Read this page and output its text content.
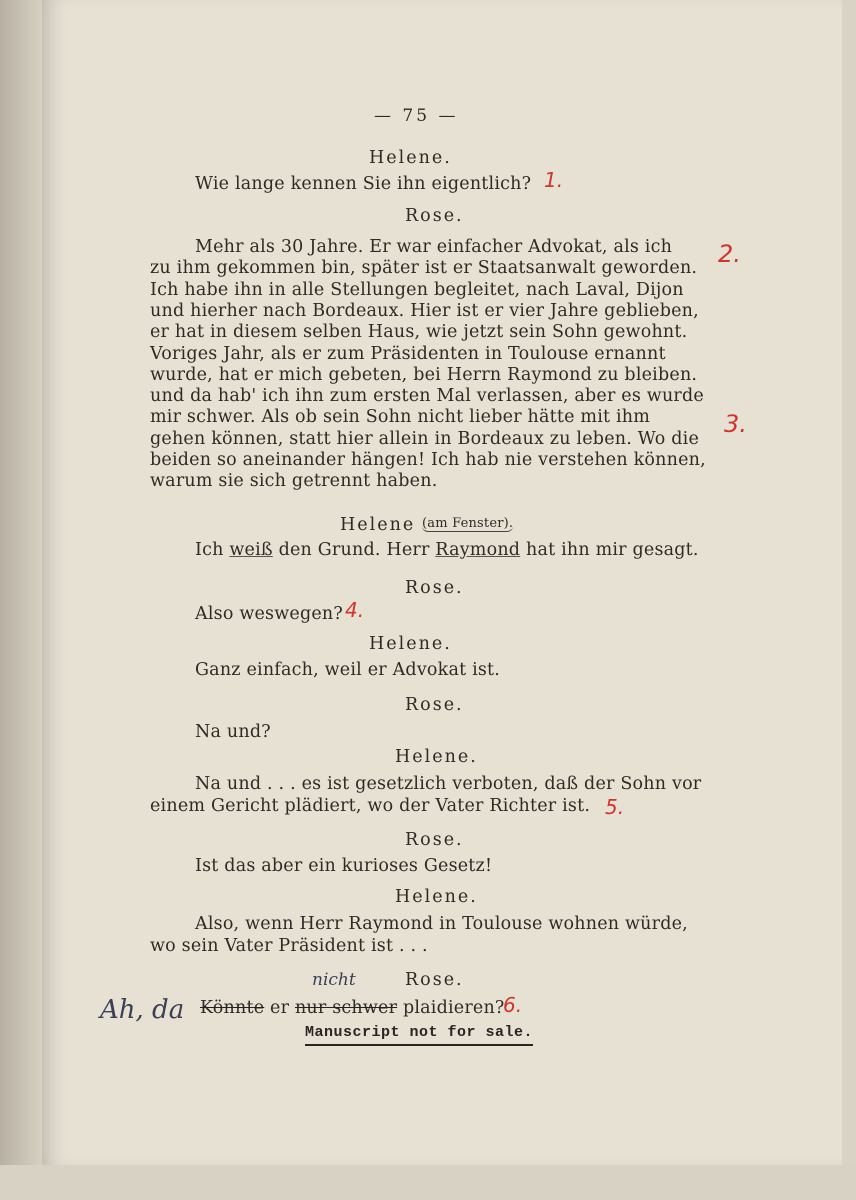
— 75 —
Helene.
Wie lange kennen Sie ihn eigentlich? 1.
Rose.
Mehr als 30 Jahre. Er war einfacher Advokat, als ich
zu ihm gekommen bin, später ist er Staatsanwalt geworden.
Ich habe ihn in alle Stellungen begleitet, nach Laval, Dijon
und hierher nach Bordeaux. Hier ist er vier Jahre geblieben,
er hat in diesem selben Haus, wie jetzt sein Sohn gewohnt.
Voriges Jahr, als er zum Präsidenten in Toulouse ernannt
wurde, hat er mich gebeten, bei Herrn Raymond zu bleiben.
und da hab' ich ihn zum ersten Mal verlassen, aber es wurde
mir schwer. Als ob sein Sohn nicht lieber hätte mit ihm
gehen können, statt hier allein in Bordeaux zu leben. Wo die
beiden so aneinander hängen! Ich hab nie verstehen können,
warum sie sich getrennt haben.
2.
3.
Helene (am Fenster).
Ich weiß den Grund. Herr Raymond hat ihn mir gesagt.
Rose.
Also weswegen? 4.
Helene.
Ganz einfach, weil er Advokat ist.
Rose.
Na und?
Helene.
Na und . . . es ist gesetzlich verboten, daß der Sohn vor
einem Gericht plädiert, wo der Vater Richter ist. 5.
Rose.
Ist das aber ein kurioses Gesetz!
Helene.
Also, wenn Herr Raymond in Toulouse wohnen würde,
wo sein Vater Präsident ist . . .
Rose.
nicht
Ah, da Könnte er nur schwer plaidieren?
6.
Manuscript not for sale.
